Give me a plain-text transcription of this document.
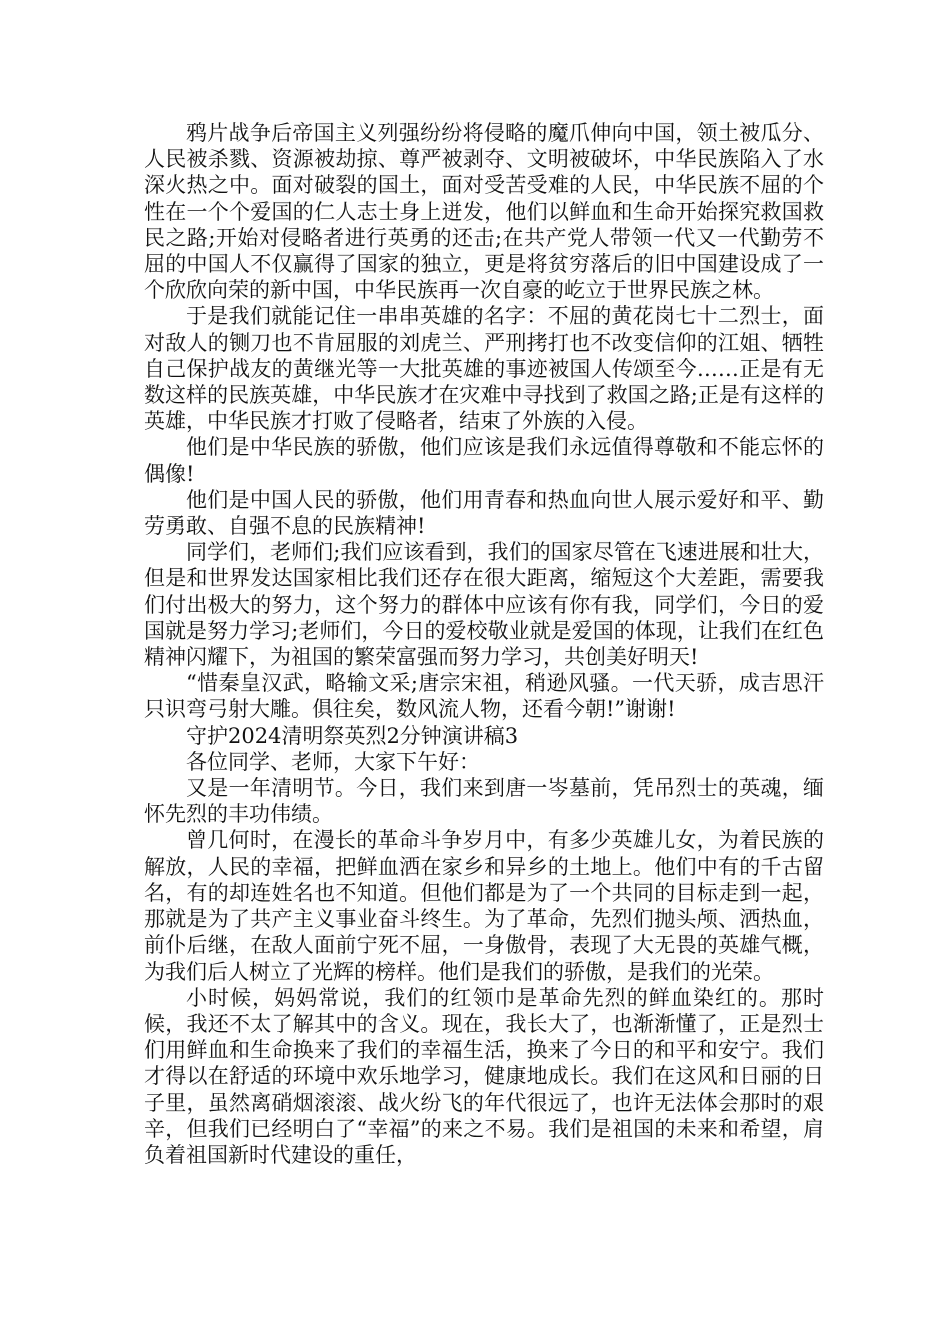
鸦片战争后帝国主义列强纷纷将侵略的魔爪伸向中国，领土被瓜分、人民被杀戮、资源被劫掠、尊严被剥夺、文明被破坏，中华民族陷入了水深火热之中。面对破裂的国土，面对受苦受难的人民，中华民族不屈的个性在一个个爱国的仁人志士身上迸发，他们以鲜血和生命开始探究救国救民之路;开始对侵略者进行英勇的还击;在共产党人带领一代又一代勤劳不屈的中国人不仅赢得了国家的独立，更是将贫穷落后的旧中国建设成了一个欣欣向荣的新中国，中华民族再一次自豪的屹立于世界民族之林。

于是我们就能记住一串串英雄的名字：不屈的黄花岗七十二烈士，面对敌人的铡刀也不肯屈服的刘虎兰、严刑拷打也不改变信仰的江姐、牺牲自己保护战友的黄继光等一大批英雄的事迹被国人传颂至今……正是有无数这样的民族英雄，中华民族才在灾难中寻找到了救国之路;正是有这样的英雄，中华民族才打败了侵略者，结束了外族的入侵。

他们是中华民族的骄傲，他们应该是我们永远值得尊敬和不能忘怀的偶像!

他们是中国人民的骄傲，他们用青春和热血向世人展示爱好和平、勤劳勇敢、自强不息的民族精神!

同学们，老师们;我们应该看到，我们的国家尽管在飞速进展和壮大，但是和世界发达国家相比我们还存在很大距离，缩短这个大差距，需要我们付出极大的努力，这个努力的群体中应该有你有我，同学们，今日的爱国就是努力学习;老师们，今日的爱校敬业就是爱国的体现，让我们在红色精神闪耀下，为祖国的繁荣富强而努力学习，共创美好明天!

“惜秦皇汉武，略输文采;唐宗宋祖，稍逊风骚。一代天骄，成吉思汗只识弯弓射大雕。俱往矣，数风流人物，还看今朝!”谢谢!

守护2024清明祭英烈2分钟演讲稿3

各位同学、老师，大家下午好：

又是一年清明节。今日，我们来到唐一岑墓前，凭吊烈士的英魂，缅怀先烈的丰功伟绩。

曾几何时，在漫长的革命斗争岁月中，有多少英雄儿女，为着民族的解放，人民的幸福，把鲜血洒在家乡和异乡的土地上。他们中有的千古留名，有的却连姓名也不知道。但他们都是为了一个共同的目标走到一起，那就是为了共产主义事业奋斗终生。为了革命，先烈们抛头颅、洒热血，前仆后继，在敌人面前宁死不屈，一身傲骨，表现了大无畏的英雄气概，为我们后人树立了光辉的榜样。他们是我们的骄傲，是我们的光荣。

小时候，妈妈常说，我们的红领巾是革命先烈的鲜血染红的。那时候，我还不太了解其中的含义。现在，我长大了，也渐渐懂了，正是烈士们用鲜血和生命换来了我们的幸福生活，换来了今日的和平和安宁。我们才得以在舒适的环境中欢乐地学习，健康地成长。我们在这风和日丽的日子里，虽然离硝烟滚滚、战火纷飞的年代很远了，也许无法体会那时的艰辛，但我们已经明白了“幸福”的来之不易。我们是祖国的未来和希望，肩负着祖国新时代建设的重任，
